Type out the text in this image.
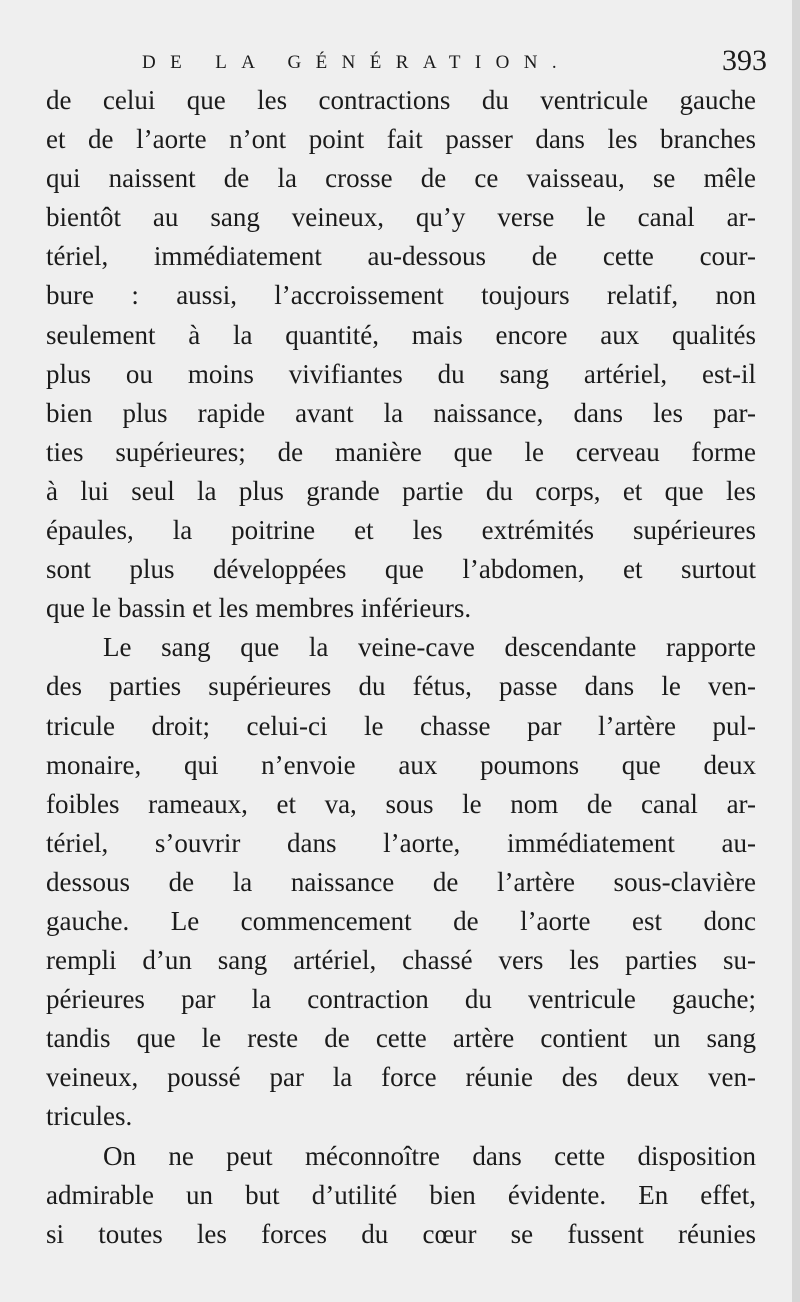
DE LA GÉNÉRATION.	393
de celui que les contractions du ventricule gauche
et de l’aorte n’ont point fait passer dans les branches
qui naissent de la crosse de ce vaisseau, se mêle
bientôt au sang veineux, qu’y verse le canal ar-
tériel, immédiatement au-dessous de cette cour-
bure : aussi, l’accroissement toujours relatif, non
seulement à la quantité, mais encore aux qualités
plus ou moins vivifiantes du sang artériel, est-il
bien plus rapide avant la naissance, dans les par-
ties supérieures; de manière que le cerveau forme
à lui seul la plus grande partie du corps, et que les
épaules, la poitrine et les extrémités supérieures
sont plus développées que l’abdomen, et surtout
que le bassin et les membres inférieurs.
Le sang que la veine-cave descendante rapporte
des parties supérieures du fétus, passe dans le ven-
tricule droit; celui-ci le chasse par l’artère pul-
monaire, qui n’envoie aux poumons que deux
foibles rameaux, et va, sous le nom de canal ar-
tériel, s’ouvrir dans l’aorte, immédiatement au-
dessous de la naissance de l’artère sous-clavière
gauche. Le commencement de l’aorte est donc
rempli d’un sang artériel, chassé vers les parties su-
périeures par la contraction du ventricule gauche;
tandis que le reste de cette artère contient un sang
veineux, poussé par la force réunie des deux ven-
tricules.
On ne peut méconnoître dans cette disposition
admirable un but d’utilité bien évidente. En effet,
si toutes les forces du cœur se fussent réunies
